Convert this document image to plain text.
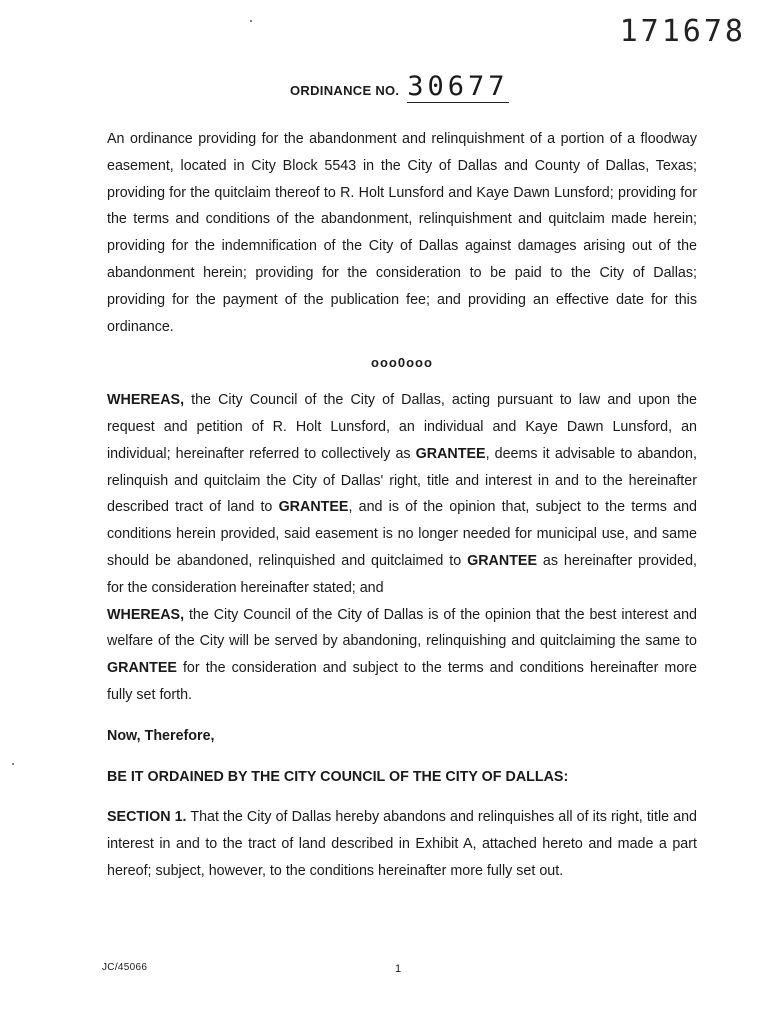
171678
ORDINANCE NO. 30677

An ordinance providing for the abandonment and relinquishment of a portion of a floodway easement, located in City Block 5543 in the City of Dallas and County of Dallas, Texas; providing for the quitclaim thereof to R. Holt Lunsford and Kaye Dawn Lunsford; providing for the terms and conditions of the abandonment, relinquishment and quitclaim made herein; providing for the indemnification of the City of Dallas against damages arising out of the abandonment herein; providing for the consideration to be paid to the City of Dallas; providing for the payment of the publication fee; and providing an effective date for this ordinance.

ooo0ooo

WHEREAS, the City Council of the City of Dallas, acting pursuant to law and upon the request and petition of R. Holt Lunsford, an individual and Kaye Dawn Lunsford, an individual; hereinafter referred to collectively as GRANTEE, deems it advisable to abandon, relinquish and quitclaim the City of Dallas' right, title and interest in and to the hereinafter described tract of land to GRANTEE, and is of the opinion that, subject to the terms and conditions herein provided, said easement is no longer needed for municipal use, and same should be abandoned, relinquished and quitclaimed to GRANTEE as hereinafter provided, for the consideration hereinafter stated; and

WHEREAS, the City Council of the City of Dallas is of the opinion that the best interest and welfare of the City will be served by abandoning, relinquishing and quitclaiming the same to GRANTEE for the consideration and subject to the terms and conditions hereinafter more fully set forth.

Now, Therefore,

BE IT ORDAINED BY THE CITY COUNCIL OF THE CITY OF DALLAS:

SECTION 1. That the City of Dallas hereby abandons and relinquishes all of its right, title and interest in and to the tract of land described in Exhibit A, attached hereto and made a part hereof; subject, however, to the conditions hereinafter more fully set out.

JC/45066	1
